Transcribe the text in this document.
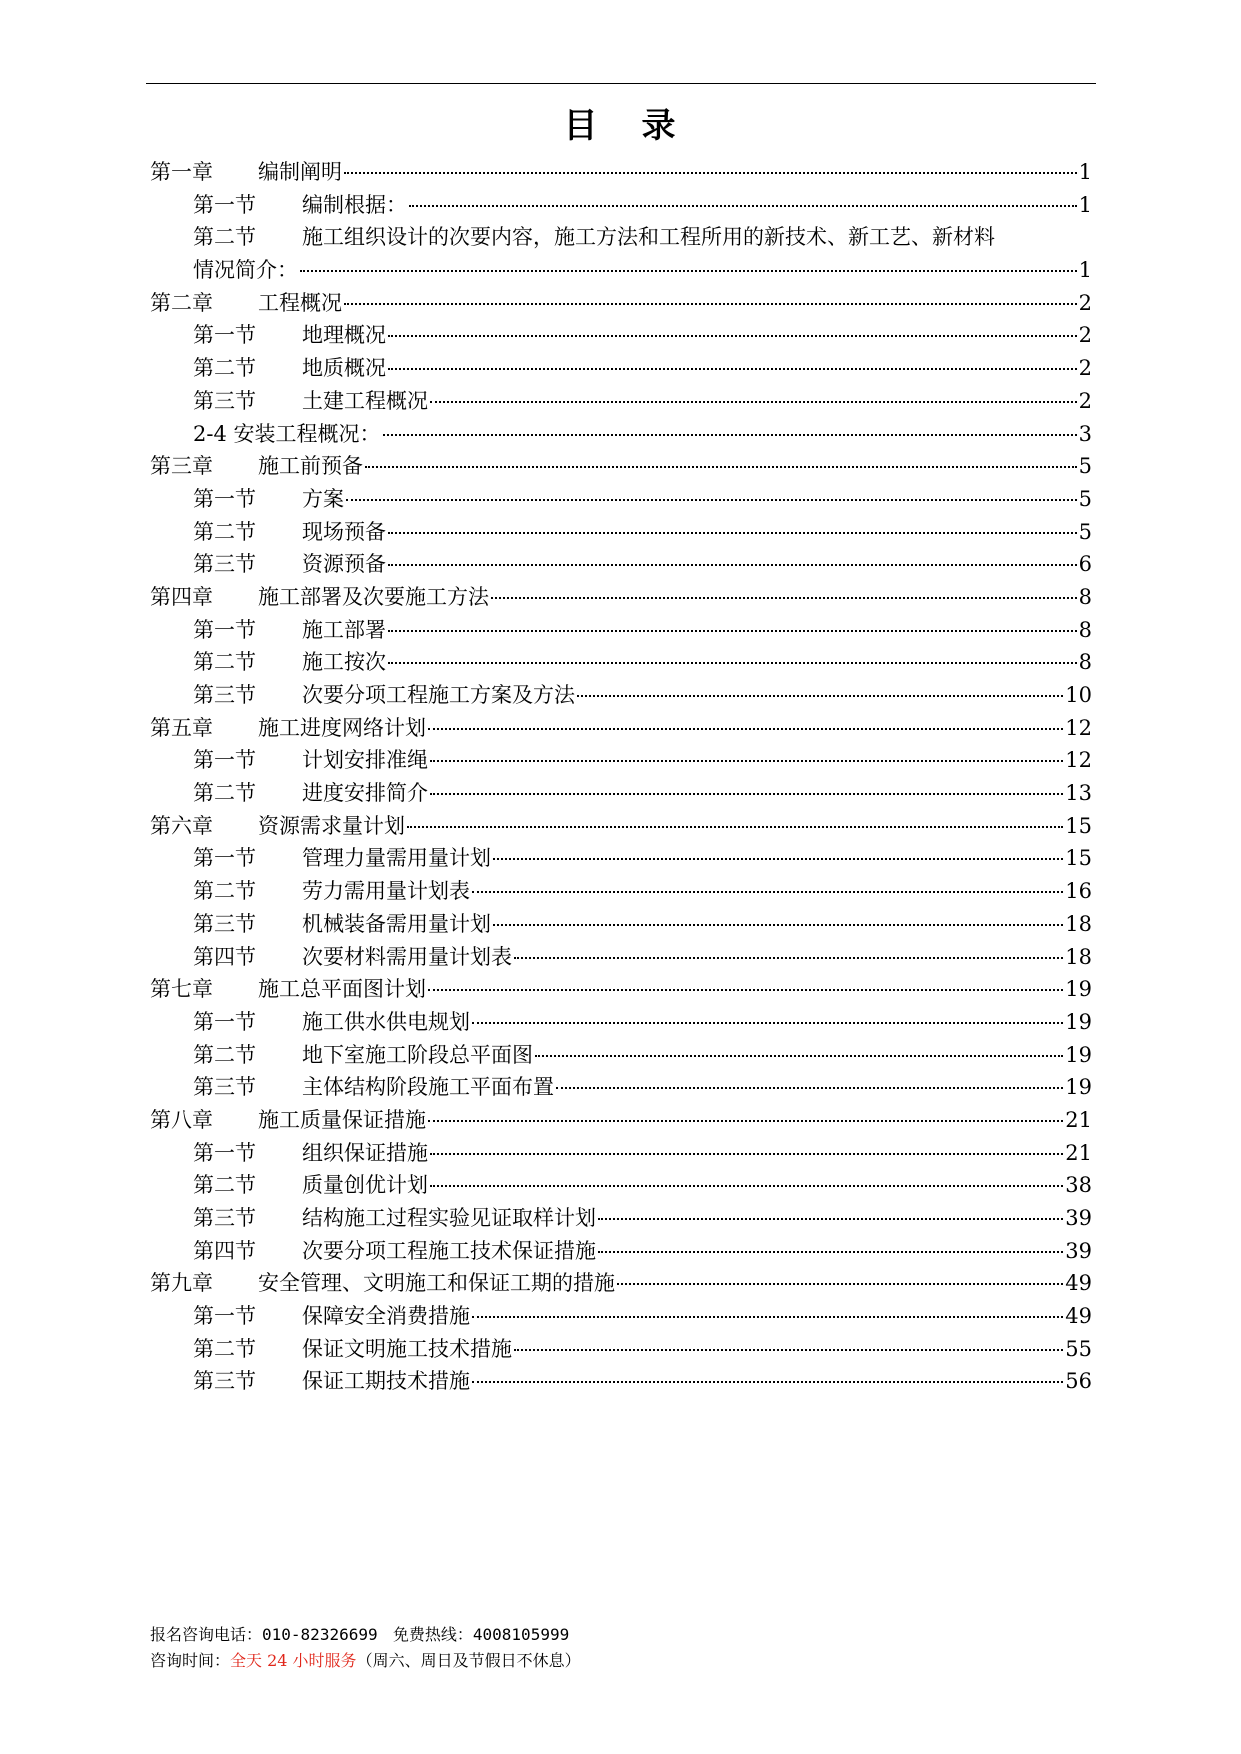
目 录
第一章	编制阐明	1
第一节	编制根据：	1
第二节	施工组织设计的次要内容，施工方法和工程所用的新技术、新工艺、新材料
情况简介：	1
第二章	工程概况	2
第一节	地理概况	2
第二节	地质概况	2
第三节	土建工程概况	2
2-4 安装工程概况：	3
第三章	施工前预备	5
第一节	方案	5
第二节	现场预备	5
第三节	资源预备	6
第四章	施工部署及次要施工方法	8
第一节	施工部署	8
第二节	施工按次	8
第三节	次要分项工程施工方案及方法	10
第五章	施工进度网络计划	12
第一节	计划安排准绳	12
第二节	进度安排简介	13
第六章	资源需求量计划	15
第一节	管理力量需用量计划	15
第二节	劳力需用量计划表	16
第三节	机械装备需用量计划	18
第四节	次要材料需用量计划表	18
第七章	施工总平面图计划	19
第一节	施工供水供电规划	19
第二节	地下室施工阶段总平面图	19
第三节	主体结构阶段施工平面布置	19
第八章	施工质量保证措施	21
第一节	组织保证措施	21
第二节	质量创优计划	38
第三节	结构施工过程实验见证取样计划	39
第四节	次要分项工程施工技术保证措施	39
第九章	安全管理、文明施工和保证工期的措施	49
第一节	保障安全消费措施	49
第二节	保证文明施工技术措施	55
第三节	保证工期技术措施	56
报名咨询电话：010-82326699 免费热线：4008105999
咨询时间：全天 24 小时服务（周六、周日及节假日不休息）
